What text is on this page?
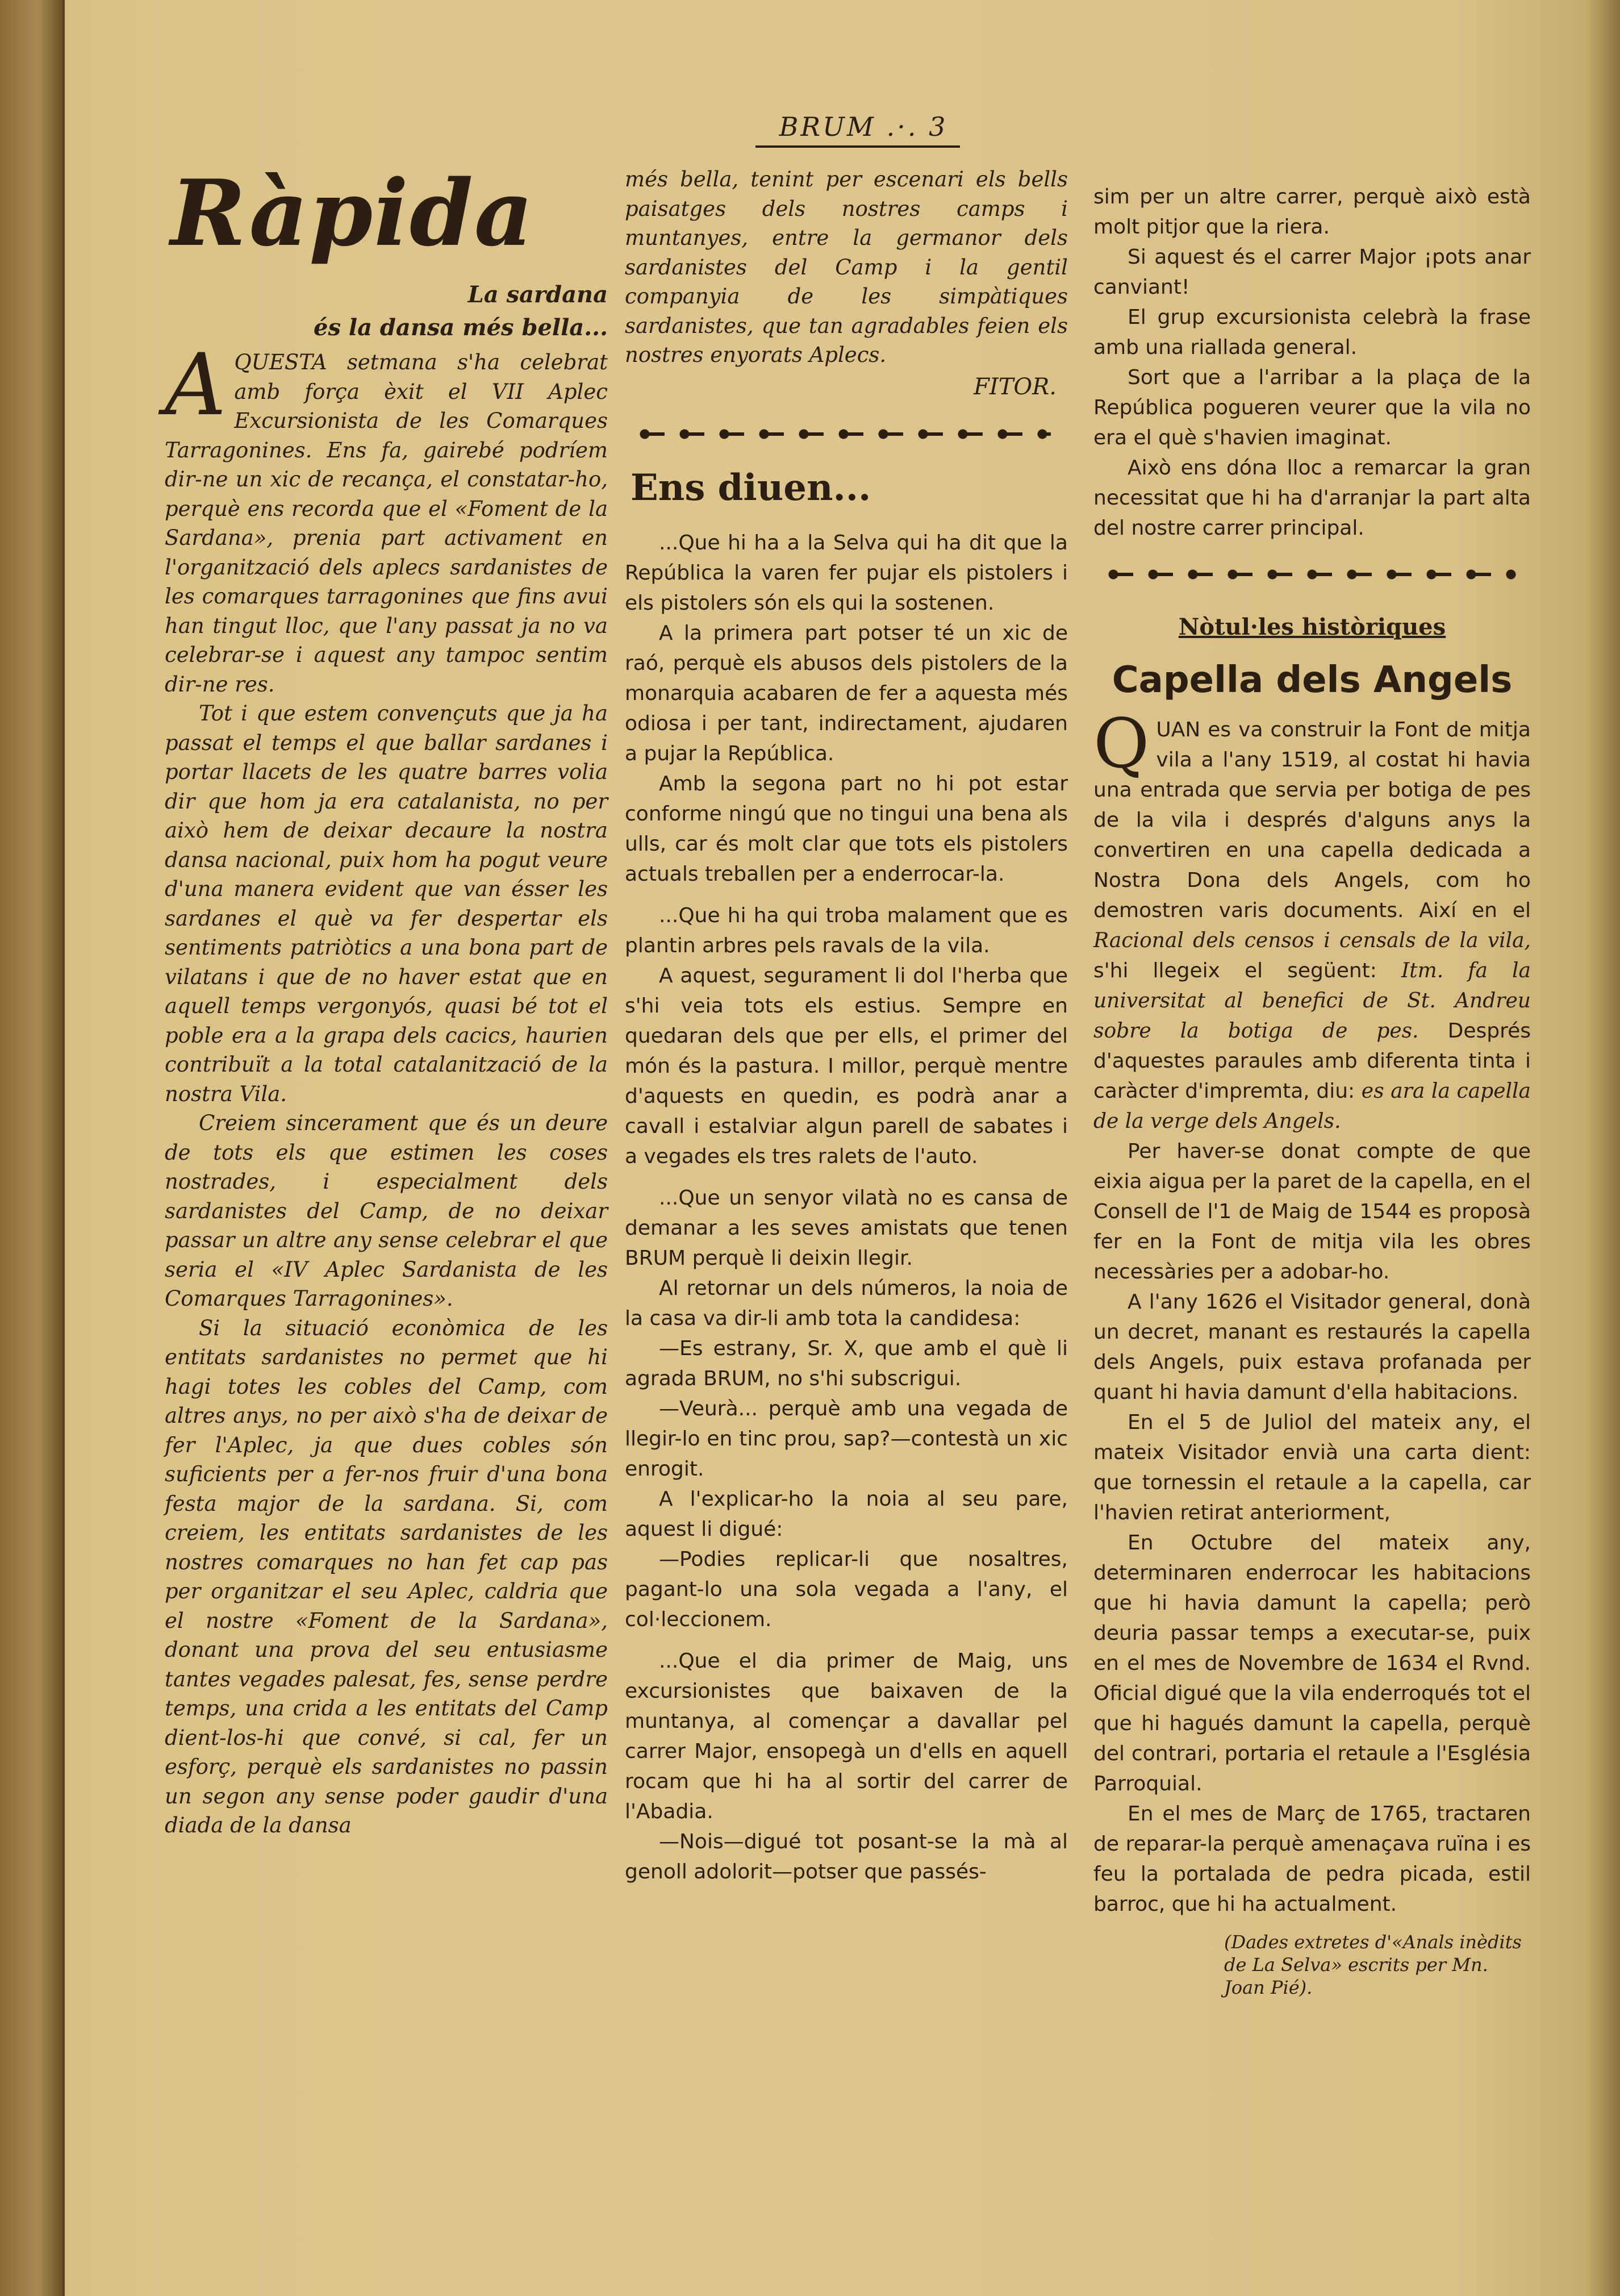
BRUM .·. 3
Ràpida
La sardana
és la dansa més bella...

AQUESTA setmana s'ha celebrat amb força èxit el VII Aplec Excursionista de les Comarques Tarragonines. Ens fa, gairebé podríem dir-ne un xic de recança, el constatar-ho, perquè ens recorda que el «Foment de la Sardana», prenia part activament en l'organització dels aplecs sardanistes de les comarques tarragonines que fins avui han tingut lloc, que l'any passat ja no va celebrar-se i aquest any tampoc sentim dir-ne res.

Tot i que estem convençuts que ja ha passat el temps el que ballar sardanes i portar llacets de les quatre barres volia dir que hom ja era catalanista, no per això hem de deixar decaure la nostra dansa nacional, puix hom ha pogut veure d'una manera evident que van ésser les sardanes el què va fer despertar els sentiments patriòtics a una bona part de vilatans i que de no haver estat que en aquell temps vergonyós, quasi bé tot el poble era a la grapa dels cacics, haurien contribuït a la total catalanització de la nostra Vila.

Creiem sincerament que és un deure de tots els que estimen les coses nostrades, i especialment dels sardanistes del Camp, de no deixar passar un altre any sense celebrar el que seria el «IV Aplec Sardanista de les Comarques Tarragonines».

Si la situació econòmica de les entitats sardanistes no permet que hi hagi totes les cobles del Camp, com altres anys, no per això s'ha de deixar de fer l'Aplec, ja que dues cobles són suficients per a fer-nos fruir d'una bona festa major de la sardana. Si, com creiem, les entitats sardanistes de les nostres comarques no han fet cap pas per organitzar el seu Aplec, caldria que el nostre «Foment de la Sardana», donant una prova del seu entusiasme tantes vegades palesat, fes, sense perdre temps, una crida a les entitats del Camp dient-los-hi que convé, si cal, fer un esforç, perquè els sardanistes no passin un segon any sense poder gaudir d'una diada de la dansa

més bella, tenint per escenari els bells paisatges dels nostres camps i muntanyes, entre la germanor dels sardanistes del Camp i la gentil companyia de les simpàtiques sardanistes, que tan agradables feien els nostres enyorats Aplecs.

FITOR.
Ens diuen...

...Que hi ha a la Selva qui ha dit que la República la varen fer pujar els pistolers i els pistolers són els qui la sostenen.

A la primera part potser té un xic de raó, perquè els abusos dels pistolers de la monarquia acabaren de fer a aquesta més odiosa i per tant, indirectament, ajudaren a pujar la República.

Amb la segona part no hi pot estar conforme ningú que no tingui una bena als ulls, car és molt clar que tots els pistolers actuals treballen per a enderrocar-la.

...Que hi ha qui troba malament que es plantin arbres pels ravals de la vila.

A aquest, segurament li dol l'herba que s'hi veia tots els estius. Sempre en quedaran dels que per ells, el primer del món és la pastura. I millor, perquè mentre d'aquests en quedin, es podrà anar a cavall i estalviar algun parell de sabates i a vegades els tres ralets de l'auto.

...Que un senyor vilatà no es cansa de demanar a les seves amistats que tenen BRUM perquè li deixin llegir.

Al retornar un dels números, la noia de la casa va dir-li amb tota la candidesa:

—Es estrany, Sr. X, que amb el què li agrada BRUM, no s'hi subscrigui.

—Veurà... perquè amb una vegada de llegir-lo en tinc prou, sap?—contestà un xic enrogit.

A l'explicar-ho la noia al seu pare, aquest li digué:

—Podies replicar-li que nosaltres, pagant-lo una sola vegada a l'any, el col·leccionem.

...Que el dia primer de Maig, uns excursionistes que baixaven de la muntanya, al començar a davallar pel carrer Major, ensopegà un d'ells en aquell rocam que hi ha al sortir del carrer de l'Abadia.

—Nois—digué tot posant-se la mà al genoll adolorit—potser que passés-

sim per un altre carrer, perquè això està molt pitjor que la riera.

Si aquest és el carrer Major ¡pots anar canviant!

El grup excursionista celebrà la frase amb una riallada general.

Sort que a l'arribar a la plaça de la República pogueren veurer que la vila no era el què s'havien imaginat.

Això ens dóna lloc a remarcar la gran necessitat que hi ha d'arranjar la part alta del nostre carrer principal.

Nòtul·les històriques
Capella dels Angels

QUAN es va construir la Font de mitja vila a l'any 1519, al costat hi havia una entrada que servia per botiga de pes de la vila i després d'alguns anys la convertiren en una capella dedicada a Nostra Dona dels Angels, com ho demostren varis documents. Així en el Racional dels censos i censals de la vila, s'hi llegeix el següent: Itm. fa la universitat al benefici de St. Andreu sobre la botiga de pes. Després d'aquestes paraules amb diferenta tinta i caràcter d'impremta, diu: es ara la capella de la verge dels Angels.

Per haver-se donat compte de que eixia aigua per la paret de la capella, en el Consell de l'1 de Maig de 1544 es proposà fer en la Font de mitja vila les obres necessàries per a adobar-ho.

A l'any 1626 el Visitador general, donà un decret, manant es restaurés la capella dels Angels, puix estava profanada per quant hi havia damunt d'ella habitacions.

En el 5 de Juliol del mateix any, el mateix Visitador envià una carta dient: que tornessin el retaule a la capella, car l'havien retirat anteriorment,

En Octubre del mateix any, determinaren enderrocar les habitacions que hi havia damunt la capella; però deuria passar temps a executar-se, puix en el mes de Novembre de 1634 el Rvnd. Oficial digué que la vila enderroqués tot el que hi hagués damunt la capella, perquè del contrari, portaria el retaule a l'Església Parroquial.

En el mes de Març de 1765, tractaren de reparar-la perquè amenaçava ruïna i es feu la portalada de pedra picada, estil barroc, que hi ha actualment.

(Dades extretes d'«Anals inèdits de La Selva» escrits per Mn. Joan Pié).
